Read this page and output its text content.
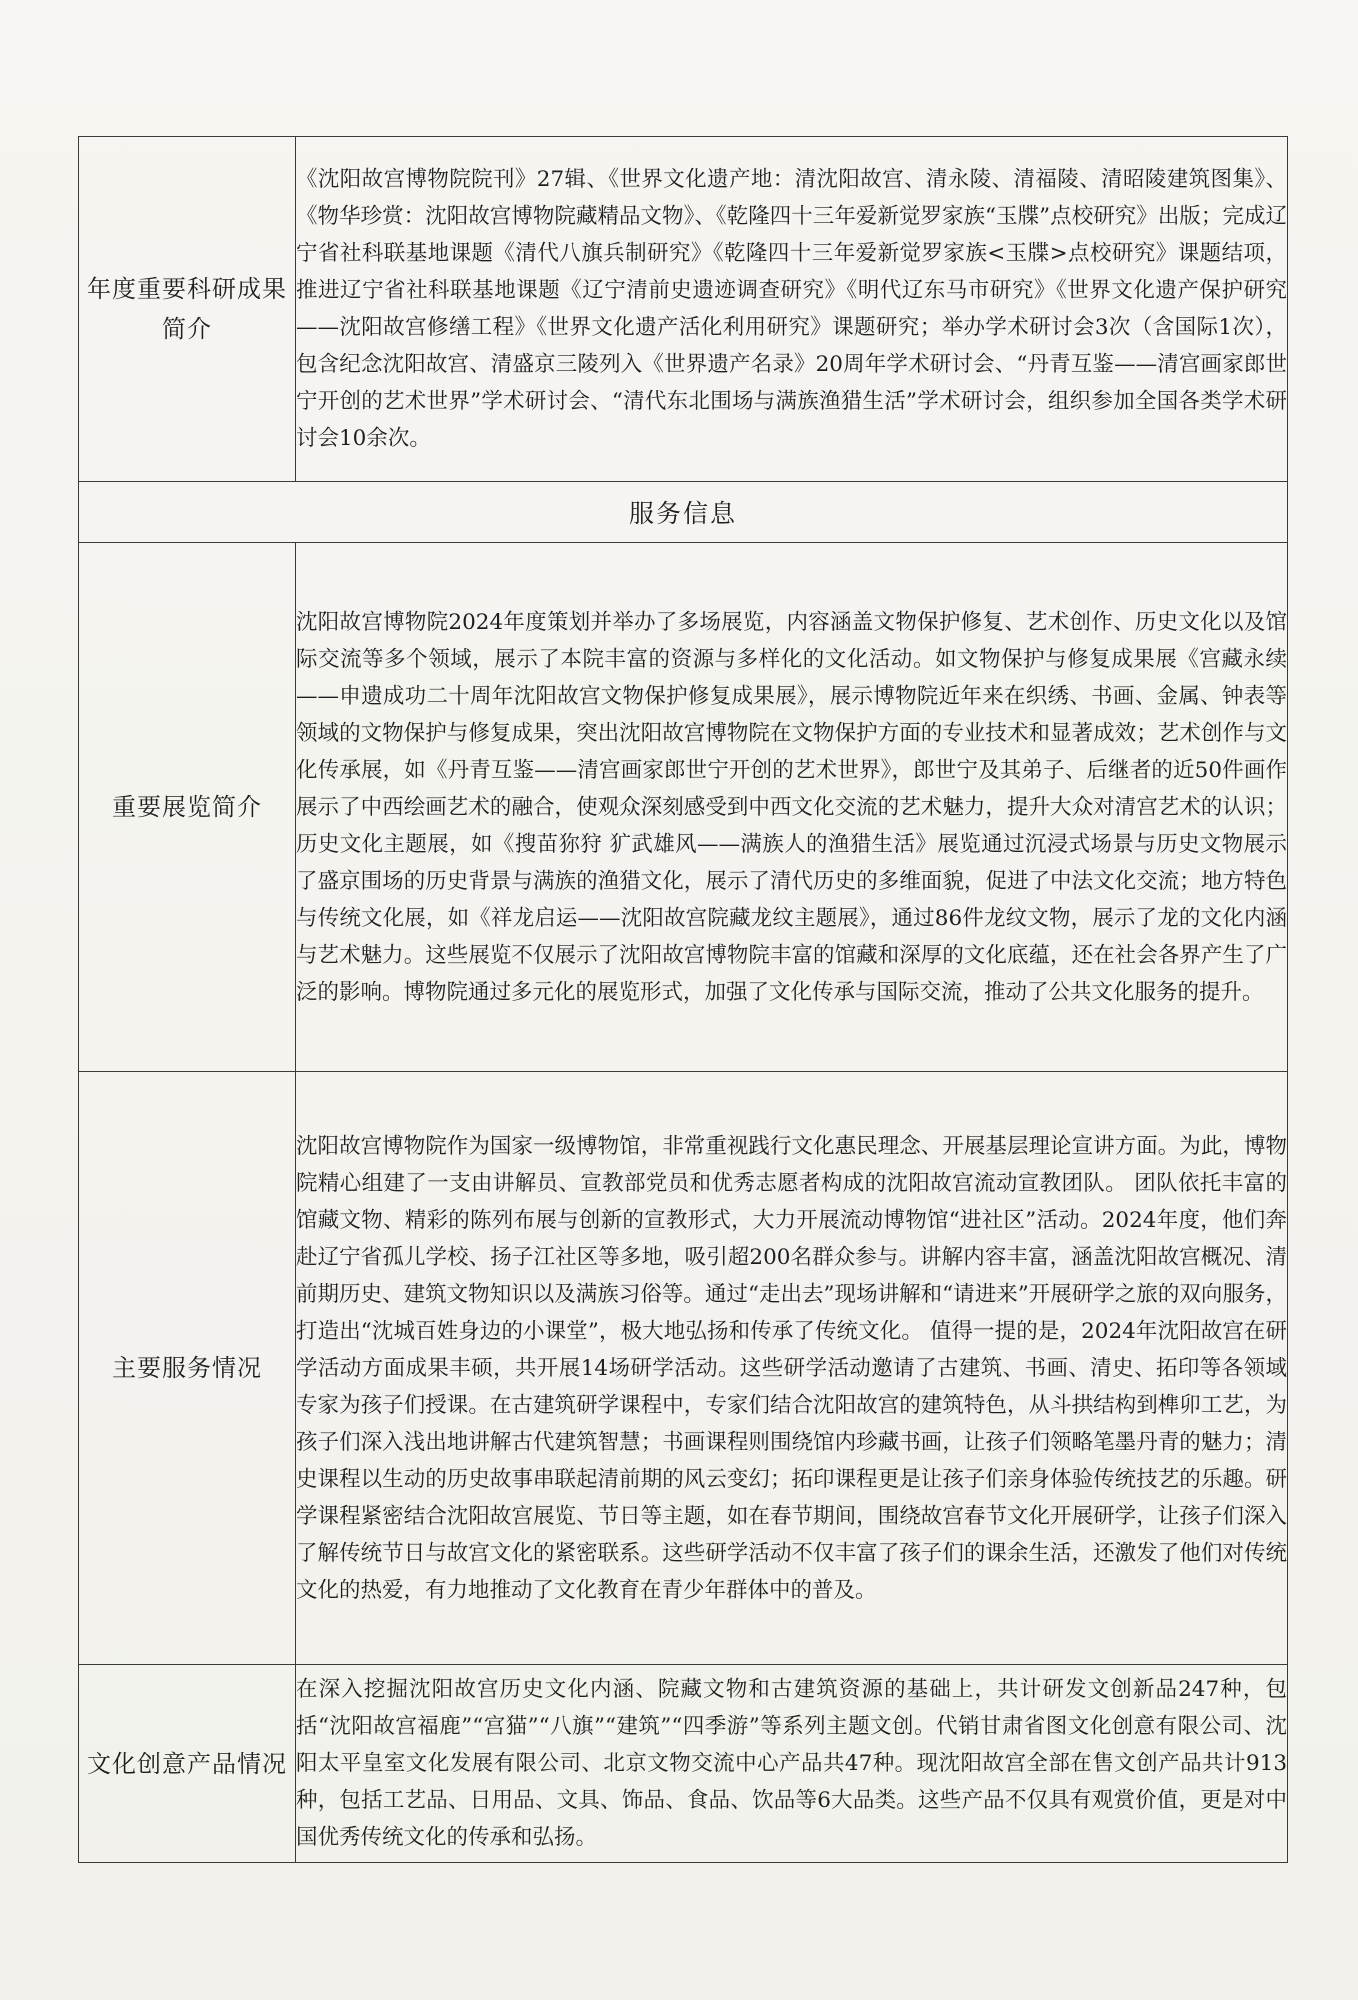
年度重要科研成果简介	《沈阳故宫博物院院刊》27辑、《世界文化遗产地：清沈阳故宫、清永陵、清福陵、清昭陵建筑图集》、《物华珍赏：沈阳故宫博物院藏精品文物》、《乾隆四十三年爱新觉罗家族“玉牒”点校研究》出版；完成辽宁省社科联基地课题《清代八旗兵制研究》《乾隆四十三年爱新觉罗家族<玉牒>点校研究》课题结项，推进辽宁省社科联基地课题《辽宁清前史遗迹调查研究》《明代辽东马市研究》《世界文化遗产保护研究——沈阳故宫修缮工程》《世界文化遗产活化利用研究》课题研究；举办学术研讨会3次（含国际1次），包含纪念沈阳故宫、清盛京三陵列入《世界遗产名录》20周年学术研讨会、“丹青互鉴——清宫画家郎世宁开创的艺术世界”学术研讨会、“清代东北围场与满族渔猎生活”学术研讨会，组织参加全国各类学术研讨会10余次。
服务信息	
重要展览简介	沈阳故宫博物院2024年度策划并举办了多场展览，内容涵盖文物保护修复、艺术创作、历史文化以及馆际交流等多个领域，展示了本院丰富的资源与多样化的文化活动。如文物保护与修复成果展《宫藏永续——申遗成功二十周年沈阳故宫文物保护修复成果展》，展示博物院近年来在织绣、书画、金属、钟表等领域的文物保护与修复成果，突出沈阳故宫博物院在文物保护方面的专业技术和显著成效；艺术创作与文化传承展，如《丹青互鉴——清宫画家郎世宁开创的艺术世界》，郎世宁及其弟子、后继者的近50件画作展示了中西绘画艺术的融合，使观众深刻感受到中西文化交流的艺术魅力，提升大众对清宫艺术的认识；历史文化主题展，如《搜苗狝狩 犷武雄风——满族人的渔猎生活》展览通过沉浸式场景与历史文物展示了盛京围场的历史背景与满族的渔猎文化，展示了清代历史的多维面貌，促进了中法文化交流；地方特色与传统文化展，如《祥龙启运——沈阳故宫院藏龙纹主题展》，通过86件龙纹文物，展示了龙的文化内涵与艺术魅力。这些展览不仅展示了沈阳故宫博物院丰富的馆藏和深厚的文化底蕴，还在社会各界产生了广泛的影响。博物院通过多元化的展览形式，加强了文化传承与国际交流，推动了公共文化服务的提升。
主要服务情况	沈阳故宫博物院作为国家一级博物馆，非常重视践行文化惠民理念、开展基层理论宣讲方面。为此，博物院精心组建了一支由讲解员、宣教部党员和优秀志愿者构成的沈阳故宫流动宣教团队。 团队依托丰富的馆藏文物、精彩的陈列布展与创新的宣教形式，大力开展流动博物馆“进社区”活动。2024年度，他们奔赴辽宁省孤儿学校、扬子江社区等多地，吸引超200名群众参与。讲解内容丰富，涵盖沈阳故宫概况、清前期历史、建筑文物知识以及满族习俗等。通过“走出去”现场讲解和“请进来”开展研学之旅的双向服务，打造出“沈城百姓身边的小课堂”，极大地弘扬和传承了传统文化。 值得一提的是，2024年沈阳故宫在研学活动方面成果丰硕，共开展14场研学活动。这些研学活动邀请了古建筑、书画、清史、拓印等各领域专家为孩子们授课。在古建筑研学课程中，专家们结合沈阳故宫的建筑特色，从斗拱结构到榫卯工艺，为孩子们深入浅出地讲解古代建筑智慧；书画课程则围绕馆内珍藏书画，让孩子们领略笔墨丹青的魅力；清史课程以生动的历史故事串联起清前期的风云变幻；拓印课程更是让孩子们亲身体验传统技艺的乐趣。研学课程紧密结合沈阳故宫展览、节日等主题，如在春节期间，围绕故宫春节文化开展研学，让孩子们深入了解传统节日与故宫文化的紧密联系。这些研学活动不仅丰富了孩子们的课余生活，还激发了他们对传统文化的热爱，有力地推动了文化教育在青少年群体中的普及。
文化创意产品情况	在深入挖掘沈阳故宫历史文化内涵、院藏文物和古建筑资源的基础上，共计研发文创新品247种，包括“沈阳故宫福鹿”“宫猫”“八旗”“建筑”“四季游”等系列主题文创。代销甘肃省图文化创意有限公司、沈阳太平皇室文化发展有限公司、北京文物交流中心产品共47种。现沈阳故宫全部在售文创产品共计913种，包括工艺品、日用品、文具、饰品、食品、饮品等6大品类。这些产品不仅具有观赏价值，更是对中国优秀传统文化的传承和弘扬。
